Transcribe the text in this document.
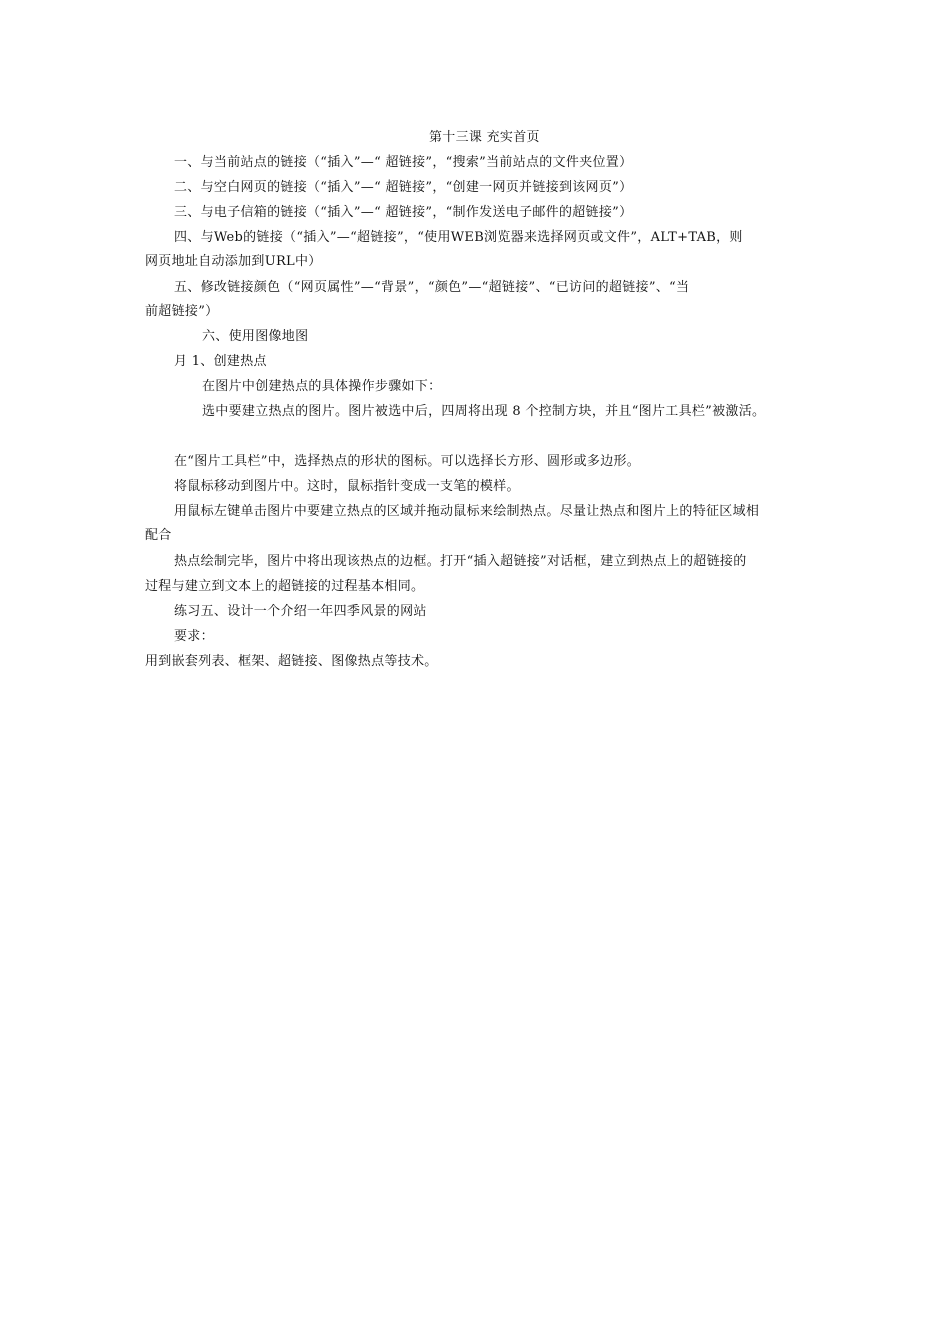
第十三课 充实首页
一、与当前站点的链接（“插入”—“ 超链接”，“搜索”当前站点的文件夹位置）
二、与空白网页的链接（“插入”—“ 超链接”，“创建一网页并链接到该网页”）
三、与电子信箱的链接（“插入”—“ 超链接”，“制作发送电子邮件的超链接”）
四、与Web的链接（“插入”—“超链接”，“使用WEB浏览器来选择网页或文件”，ALT+TAB，则
网页地址自动添加到URL中）
五、修改链接颜色（“网页属性”—“背景”，“颜色”—“超链接”、“已访问的超链接”、“当
前超链接”）
六、使用图像地图
月 1、创建热点
在图片中创建热点的具体操作步骤如下：
选中要建立热点的图片。图片被选中后，四周将出现 8 个控制方块，并且“图片工具栏”被激活。
在“图片工具栏”中，选择热点的形状的图标。可以选择长方形、圆形或多边形。
将鼠标移动到图片中。这时，鼠标指针变成一支笔的模样。
用鼠标左键单击图片中要建立热点的区域并拖动鼠标来绘制热点。尽量让热点和图片上的特征区域相
配合
热点绘制完毕，图片中将出现该热点的边框。打开“插入超链接”对话框，建立到热点上的超链接的
过程与建立到文本上的超链接的过程基本相同。
练习五、设计一个介绍一年四季风景的网站
要求：
用到嵌套列表、框架、超链接、图像热点等技术。
